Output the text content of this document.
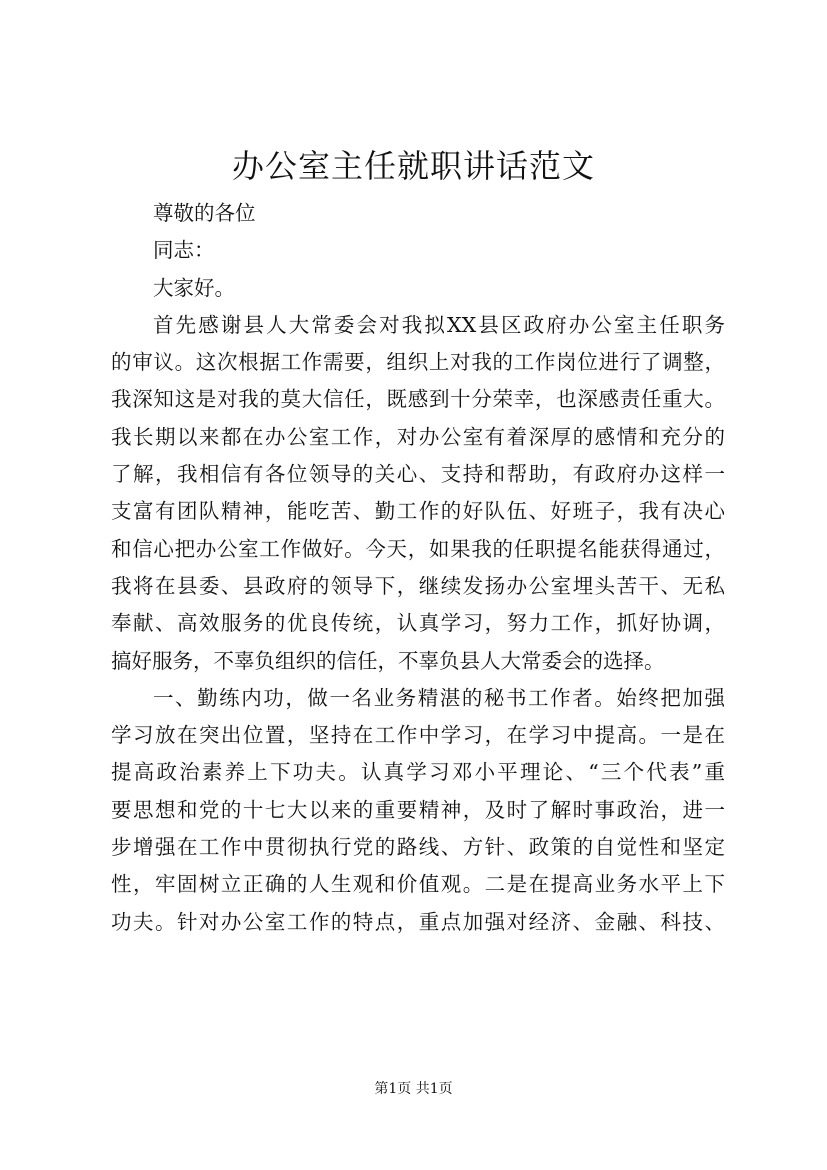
办公室主任就职讲话范文
尊敬的各位
同志：
大家好。
首先感谢县人大常委会对我拟XX县区政府办公室主任职务
的审议。这次根据工作需要，组织上对我的工作岗位进行了调整，
我深知这是对我的莫大信任，既感到十分荣幸，也深感责任重大。
我长期以来都在办公室工作，对办公室有着深厚的感情和充分的
了解，我相信有各位领导的关心、支持和帮助，有政府办这样一
支富有团队精神，能吃苦、勤工作的好队伍、好班子，我有决心
和信心把办公室工作做好。今天，如果我的任职提名能获得通过，
我将在县委、县政府的领导下，继续发扬办公室埋头苦干、无私
奉献、高效服务的优良传统，认真学习，努力工作，抓好协调，
搞好服务，不辜负组织的信任，不辜负县人大常委会的选择。
一、勤练内功，做一名业务精湛的秘书工作者。始终把加强
学习放在突出位置，坚持在工作中学习，在学习中提高。一是在
提高政治素养上下功夫。认真学习邓小平理论、“三个代表”重
要思想和党的十七大以来的重要精神，及时了解时事政治，进一
步增强在工作中贯彻执行党的路线、方针、政策的自觉性和坚定
性，牢固树立正确的人生观和价值观。二是在提高业务水平上下
功夫。针对办公室工作的特点，重点加强对经济、金融、科技、
第1页 共1页
